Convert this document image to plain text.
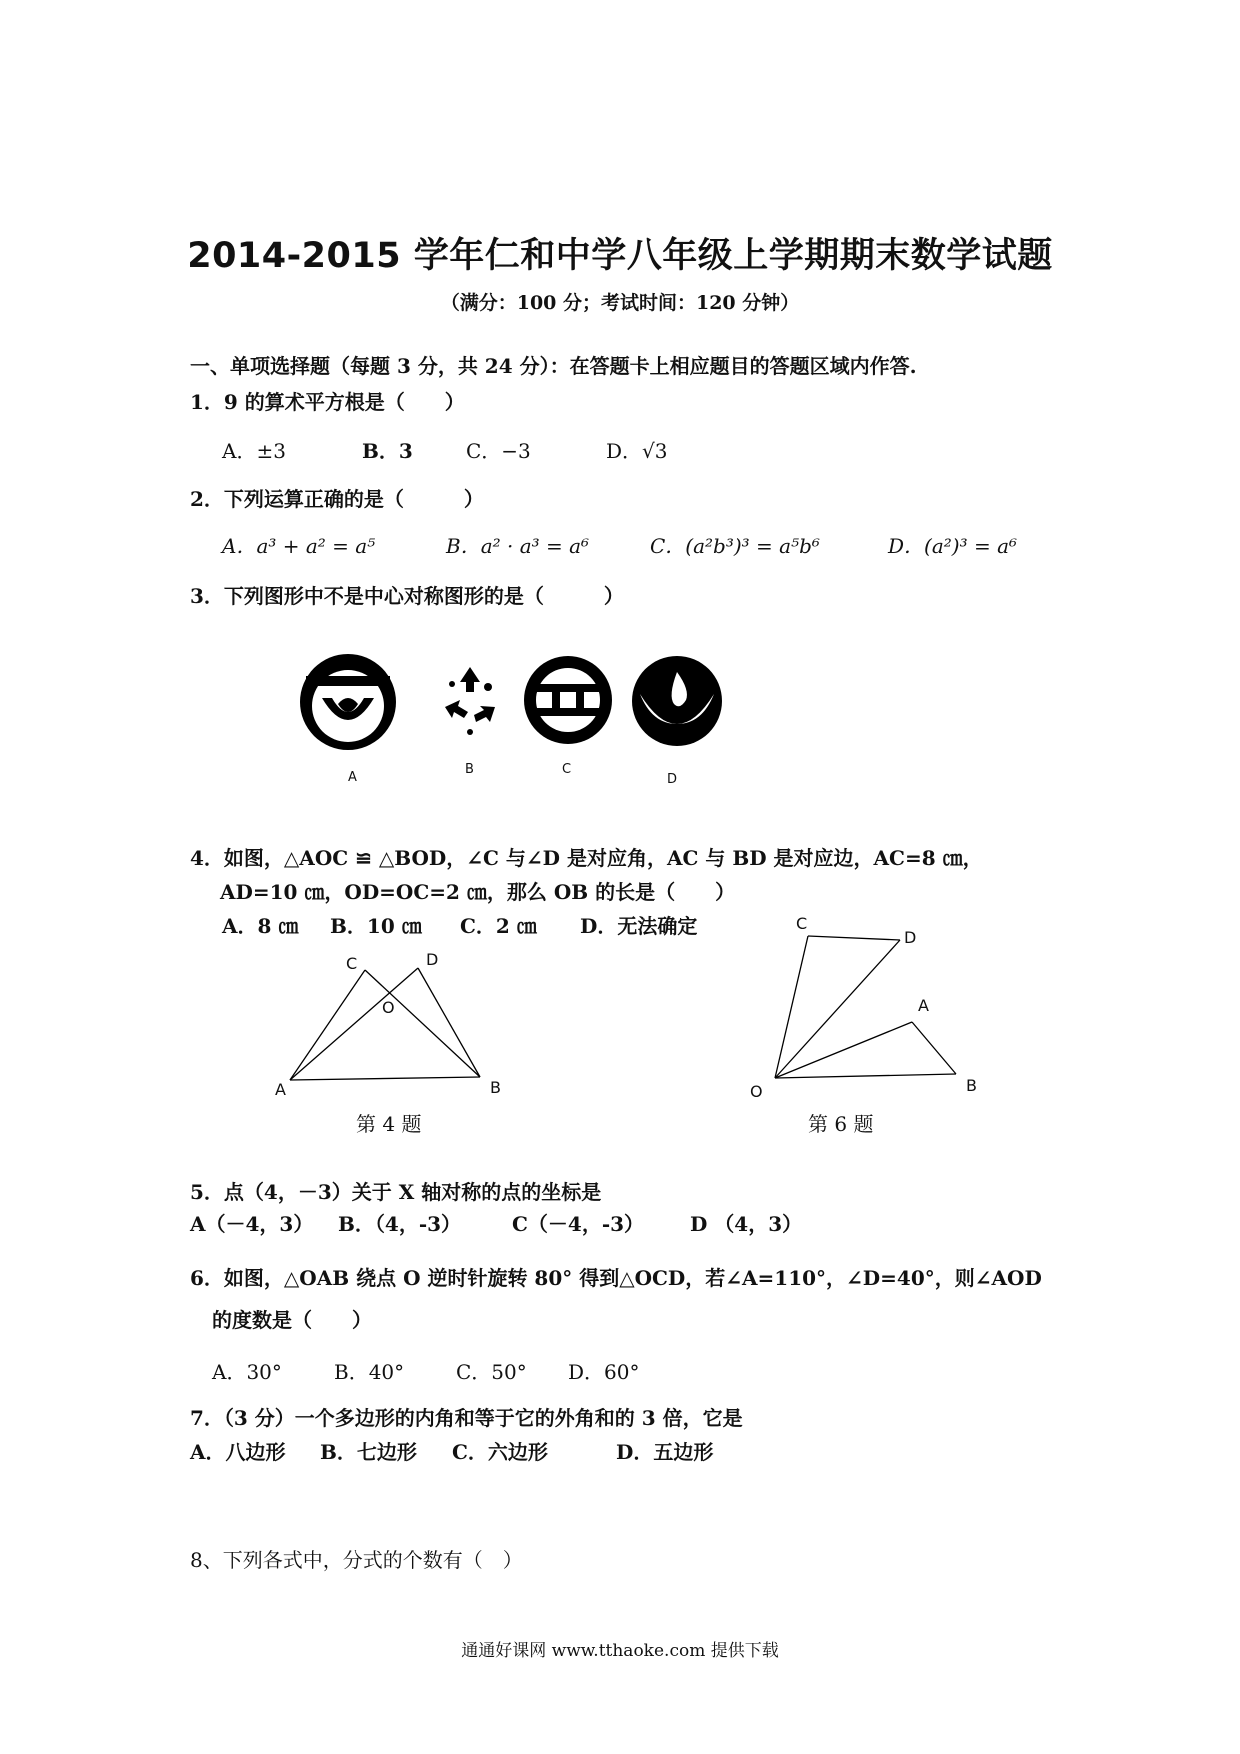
2014-2015 学年仁和中学八年级上学期期末数学试题
（满分：100 分；考试时间：120 分钟）
一、单项选择题（每题 3 分，共 24 分）：在答题卡上相应题目的答题区域内作答.
1．9 的算术平方根是（　　）
A．±3	B．3	C．−3	D．√3
2．下列运算正确的是（　　　）
A．a³ + a² = a⁵	B．a² · a³ = a⁶	C．(a²b³)³ = a⁵b⁶	D．(a²)³ = a⁶
3．下列图形中不是中心对称图形的是（　　　）
A
B	C
D
4．如图，△AOC ≌ △BOD，∠C 与∠D 是对应角，AC 与 BD 是对应边，AC=8 ㎝，
AD=10 ㎝，OD=OC=2 ㎝，那么 OB 的长是（　　）
A．8 ㎝ B．10 ㎝ C．2 ㎝ D．无法确定
C	D
O
A	B
第 4 题
C
D
A
O	B
第 6 题
5．点（4，－3）关于 X 轴对称的点的坐标是
A（－4，3） B．（4，-3）	C（－4，-3） D （4，3）
6．如图，△OAB 绕点 O 逆时针旋转 80° 得到△OCD，若∠A=110°，∠D=40°，则∠AOD
的度数是（　　）
A．30°	B．40°	C．50° D．60°
7．（3 分）一个多边形的内角和等于它的外角和的 3 倍，它是
A．八边形 B．七边形 C．六边形	D．五边形
8、下列各式中，分式的个数有（　）
通通好课网 www.tthaoke.com 提供下载
